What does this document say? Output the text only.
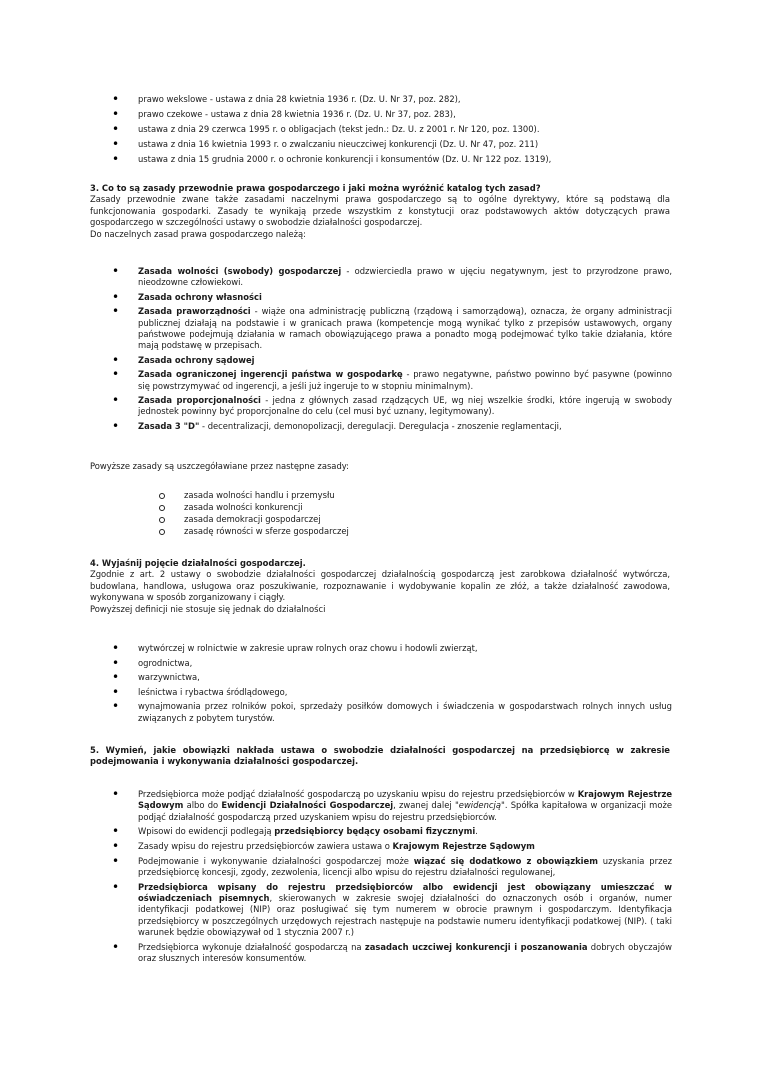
• prawo wekslowe - ustawa z dnia 28 kwietnia 1936 r. (Dz. U. Nr 37, poz. 282),
• prawo czekowe - ustawa z dnia 28 kwietnia 1936 r. (Dz. U. Nr 37, poz. 283),
• ustawa z dnia 29 czerwca 1995 r. o obligacjach (tekst jedn.: Dz. U. z 2001 r. Nr 120, poz. 1300).
• ustawa z dnia 16 kwietnia 1993 r. o zwalczaniu nieuczciwej konkurencji (Dz. U. Nr 47, poz. 211)
• ustawa z dnia 15 grudnia 2000 r. o ochronie konkurencji i konsumentów (Dz. U. Nr 122 poz. 1319),
3. Co to są zasady przewodnie prawa gospodarczego i jaki można wyróżnić katalog tych zasad?

Zasady przewodnie zwane także zasadami naczelnymi prawa gospodarczego są to ogólne dyrektywy, które są podstawą dla funkcjonowania gospodarki. Zasady te wynikają przede wszystkim z konstytucji oraz podstawowych aktów dotyczących prawa gospodarczego w szczególności ustawy o swobodzie działalności gospodarczej.

Do naczelnych zasad prawa gospodarczego należą:

• Zasada wolności (swobody) gospodarczej - odzwierciedla prawo w ujęciu negatywnym, jest to przyrodzone prawo, nieodzowne człowiekowi.
• Zasada ochrony własności
• Zasada praworządności - wiąże ona administrację publiczną (rządową i samorządową), oznacza, że organy administracji publicznej działają na podstawie i w granicach prawa (kompetencje mogą wynikać tylko z przepisów ustawowych, organy państwowe podejmują działania w ramach obowiązującego prawa a ponadto mogą podejmować tylko takie działania, które mają podstawę w przepisach.
• Zasada ochrony sądowej
• Zasada ograniczonej ingerencji państwa w gospodarkę - prawo negatywne, państwo powinno być pasywne (powinno się powstrzymywać od ingerencji, a jeśli już ingeruje to w stopniu minimalnym).
• Zasada proporcjonalności - jedna z głównych zasad rządzących UE, wg niej wszelkie środki, które ingerują w swobody jednostek powinny być proporcjonalne do celu (cel musi być uznany, legitymowany).
• Zasada 3 "D" - decentralizacji, demonopolizacji, deregulacji. Deregulacja - znoszenie reglamentacji,

Powyższe zasady są uszczegóławiane przez następne zasady:

zasada wolności handlu i przemysłu
zasada wolności konkurencji
zasada demokracji gospodarczej
zasadę równości w sferze gospodarczej
4. Wyjaśnij pojęcie działalności gospodarczej.

Zgodnie z art. 2 ustawy o swobodzie działalności gospodarczej działalnością gospodarczą jest zarobkowa działalność wytwórcza, budowlana, handlowa, usługowa oraz poszukiwanie, rozpoznawanie i wydobywanie kopalin ze złóż, a także działalność zawodowa, wykonywana w sposób zorganizowany i ciągły.

Powyższej definicji nie stosuje się jednak do działalności

• wytwórczej w rolnictwie w zakresie upraw rolnych oraz chowu i hodowli zwierząt,
• ogrodnictwa,
• warzywnictwa,
• leśnictwa i rybactwa śródlądowego,
• wynajmowania przez rolników pokoi, sprzedaży posiłków domowych i świadczenia w gospodarstwach rolnych innych usług związanych z pobytem turystów.
5. Wymień, jakie obowiązki nakłada ustawa o swobodzie działalności gospodarczej na przedsiębiorcę w zakresie podejmowania i wykonywania działalności gospodarczej.
• Przedsiębiorca może podjąć działalność gospodarczą po uzyskaniu wpisu do rejestru przedsiębiorców w Krajowym Rejestrze Sądowym albo do Ewidencji Działalności Gospodarczej, zwanej dalej "ewidencją". Spółka kapitałowa w organizacji może podjąć działalność gospodarczą przed uzyskaniem wpisu do rejestru przedsiębiorców.
• Wpisowi do ewidencji podlegają przedsiębiorcy będący osobami fizycznymi.
• Zasady wpisu do rejestru przedsiębiorców zawiera ustawa o Krajowym Rejestrze Sądowym
• Podejmowanie i wykonywanie działalności gospodarczej może wiązać się dodatkowo z obowiązkiem uzyskania przez przedsiębiorcę koncesji, zgody, zezwolenia, licencji albo wpisu do rejestru działalności regulowanej,
• Przedsiębiorca wpisany do rejestru przedsiębiorców albo ewidencji jest obowiązany umieszczać w oświadczeniach pisemnych, skierowanych w zakresie swojej działalności do oznaczonych osób i organów, numer identyfikacji podatkowej (NIP) oraz posługiwać się tym numerem w obrocie prawnym i gospodarczym. Identyfikacja przedsiębiorcy w poszczególnych urzędowych rejestrach następuje na podstawie numeru identyfikacji podatkowej (NIP). ( taki warunek będzie obowiązywał od 1 stycznia 2007 r.)
• Przedsiębiorca wykonuje działalność gospodarczą na zasadach uczciwej konkurencji i poszanowania dobrych obyczajów oraz słusznych interesów konsumentów.
